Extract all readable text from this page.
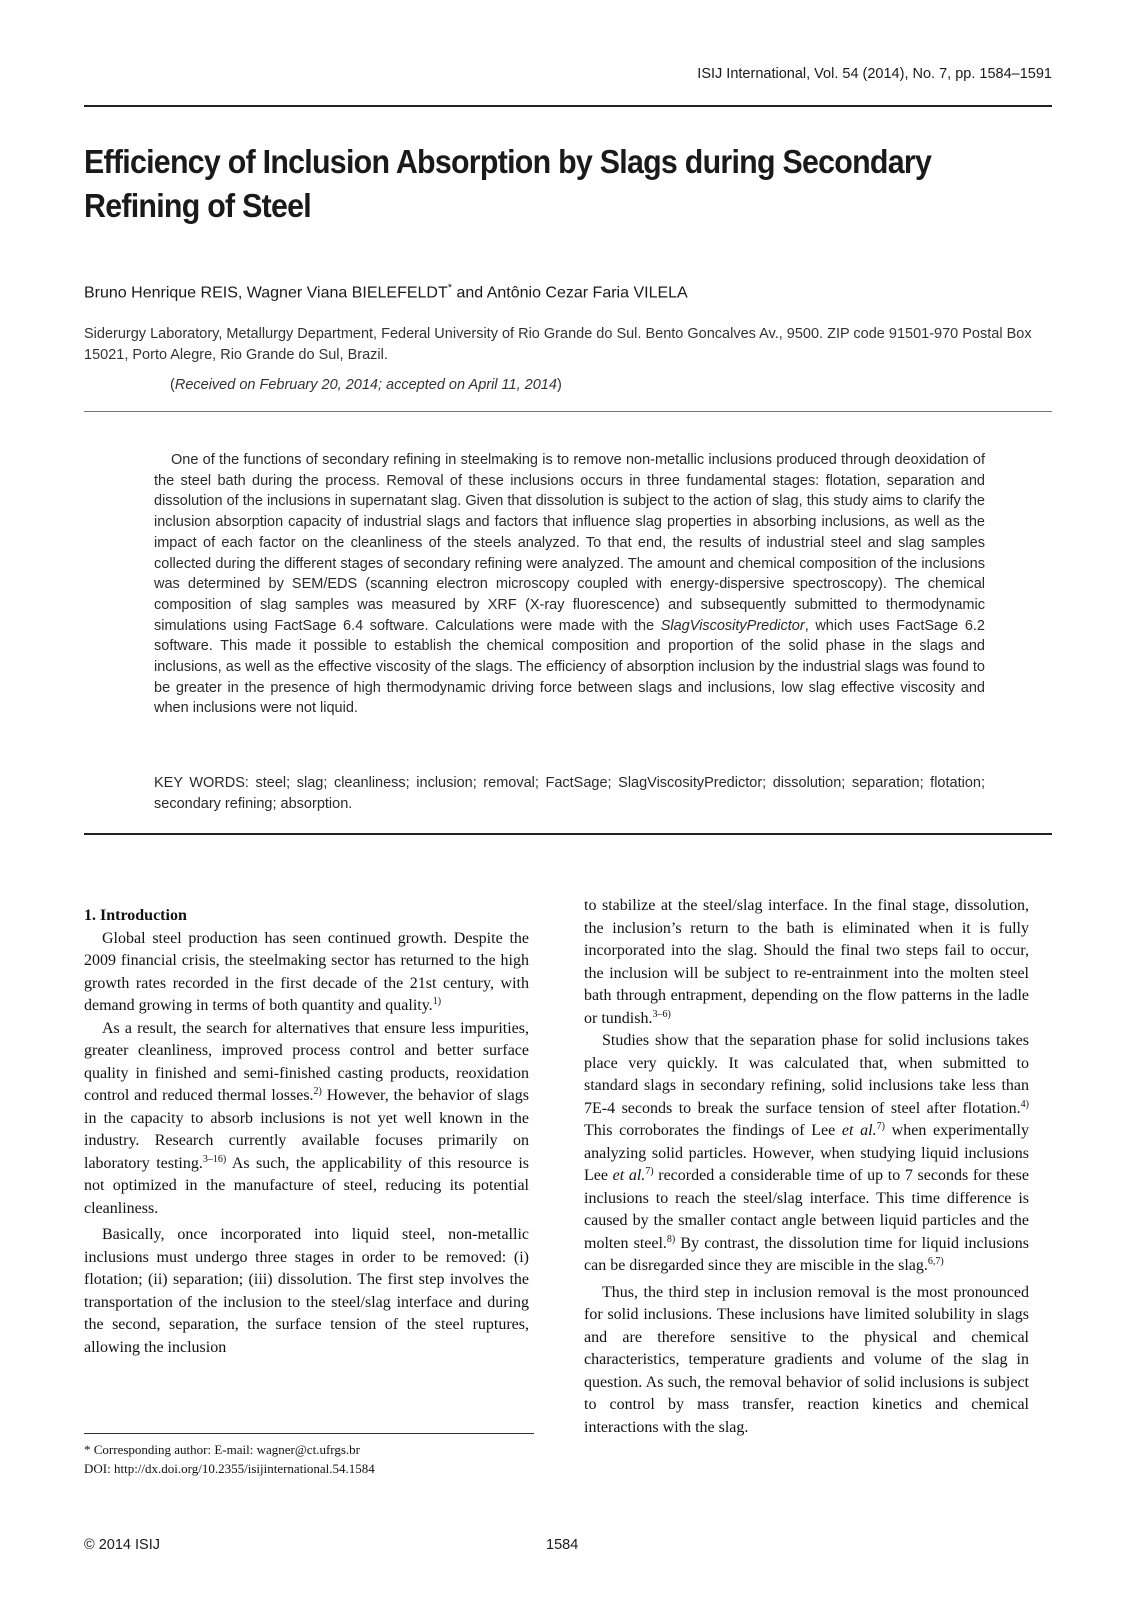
ISIJ International, Vol. 54 (2014), No. 7, pp. 1584–1591
Efficiency of Inclusion Absorption by Slags during Secondary Refining of Steel
Bruno Henrique REIS, Wagner Viana BIELEFELDT* and Antônio Cezar Faria VILELA
Siderurgy Laboratory, Metallurgy Department, Federal University of Rio Grande do Sul. Bento Goncalves Av., 9500. ZIP code 91501-970 Postal Box 15021, Porto Alegre, Rio Grande do Sul, Brazil.
(Received on February 20, 2014; accepted on April 11, 2014)
One of the functions of secondary refining in steelmaking is to remove non-metallic inclusions produced through deoxidation of the steel bath during the process. Removal of these inclusions occurs in three fundamental stages: flotation, separation and dissolution of the inclusions in supernatant slag. Given that dissolution is subject to the action of slag, this study aims to clarify the inclusion absorption capacity of industrial slags and factors that influence slag properties in absorbing inclusions, as well as the impact of each factor on the cleanliness of the steels analyzed. To that end, the results of industrial steel and slag samples collected during the different stages of secondary refining were analyzed. The amount and chemical composition of the inclusions was determined by SEM/EDS (scanning electron microscopy coupled with energy-dispersive spectroscopy). The chemical composition of slag samples was measured by XRF (X-ray fluorescence) and subsequently submitted to thermodynamic simulations using FactSage 6.4 software. Calculations were made with the SlagViscosityPredictor, which uses FactSage 6.2 software. This made it possible to establish the chemical composition and proportion of the solid phase in the slags and inclusions, as well as the effective viscosity of the slags. The efficiency of absorption inclusion by the industrial slags was found to be greater in the presence of high thermodynamic driving force between slags and inclusions, low slag effective viscosity and when inclusions were not liquid.
KEY WORDS: steel; slag; cleanliness; inclusion; removal; FactSage; SlagViscosityPredictor; dissolution; separation; flotation; secondary refining; absorption.

1. Introduction

Global steel production has seen continued growth. Despite the 2009 financial crisis, the steelmaking sector has returned to the high growth rates recorded in the first decade of the 21st century, with demand growing in terms of both quantity and quality.$^{1)}$

As a result, the search for alternatives that ensure less impurities, greater cleanliness, improved process control and better surface quality in finished and semi-finished casting products, reoxidation control and reduced thermal losses.$^{2)}$ However, the behavior of slags in the capacity to absorb inclusions is not yet well known in the industry. Research currently available focuses primarily on laboratory testing.$^{3-16)}$ As such, the applicability of this resource is not optimized in the manufacture of steel, reducing its potential cleanliness.

Basically, once incorporated into liquid steel, non-metallic inclusions must undergo three stages in order to be removed: (i) flotation; (ii) separation; (iii) dissolution. The first step involves the transportation of the inclusion to the steel/slag interface and during the second, separation, the surface tension of the steel ruptures, allowing the inclusion

to stabilize at the steel/slag interface. In the final stage, dissolution, the inclusion’s return to the bath is eliminated when it is fully incorporated into the slag. Should the final two steps fail to occur, the inclusion will be subject to re-entrainment into the molten steel bath through entrapment, depending on the flow patterns in the ladle or tundish.$^{3-6)}$

Studies show that the separation phase for solid inclusions takes place very quickly. It was calculated that, when submitted to standard slags in secondary refining, solid inclusions take less than 7E-4 seconds to break the surface tension of steel after flotation.$^{4)}$ This corroborates the findings of Lee et al.$^{7)}$ when experimentally analyzing solid particles. However, when studying liquid inclusions Lee et al.$^{7)}$ recorded a considerable time of up to 7 seconds for these inclusions to reach the steel/slag interface. This time difference is caused by the smaller contact angle between liquid particles and the molten steel.$^{8)}$ By contrast, the dissolution time for liquid inclusions can be disregarded since they are miscible in the slag.$^{6,7)}$

Thus, the third step in inclusion removal is the most pronounced for solid inclusions. These inclusions have limited solubility in slags and are therefore sensitive to the physical and chemical characteristics, temperature gradients and volume of the slag in question. As such, the removal behavior of solid inclusions is subject to control by mass transfer, reaction kinetics and chemical interactions with the slag.

* Corresponding author: E-mail: wagner@ct.ufrgs.br
DOI: http://dx.doi.org/10.2355/isijinternational.54.1584
© 2014 ISIJ	1584
